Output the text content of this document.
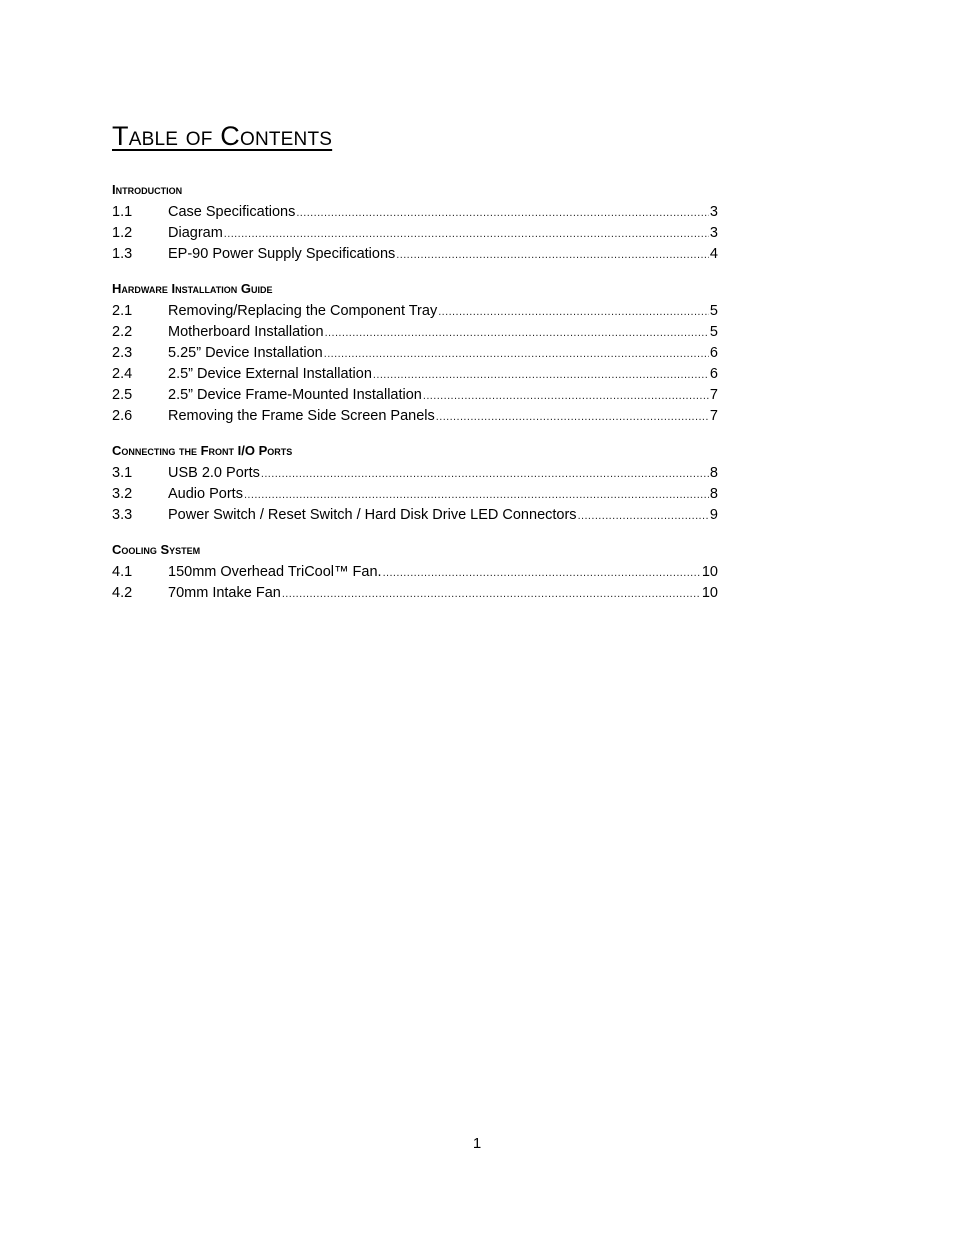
Table of Contents
Introduction
1.1	Case Specifications .....	3
1.2	Diagram .....	3
1.3	EP-90 Power Supply Specifications .....	4
Hardware Installation Guide
2.1	Removing/Replacing the Component Tray .....	5
2.2	Motherboard Installation .....	5
2.3	5.25” Device Installation .....	6
2.4	2.5” Device External Installation .....	6
2.5	2.5” Device Frame-Mounted Installation .....	7
2.6	Removing the Frame Side Screen Panels .....	7
Connecting the Front I/O Ports
3.1	USB 2.0 Ports .....	8
3.2	Audio Ports .....	8
3.3	Power Switch / Reset Switch / Hard Disk Drive LED Connectors .....	9
Cooling System
4.1	150mm Overhead TriCool™ Fan. .....	10
4.2	70mm Intake Fan .....	10
1
